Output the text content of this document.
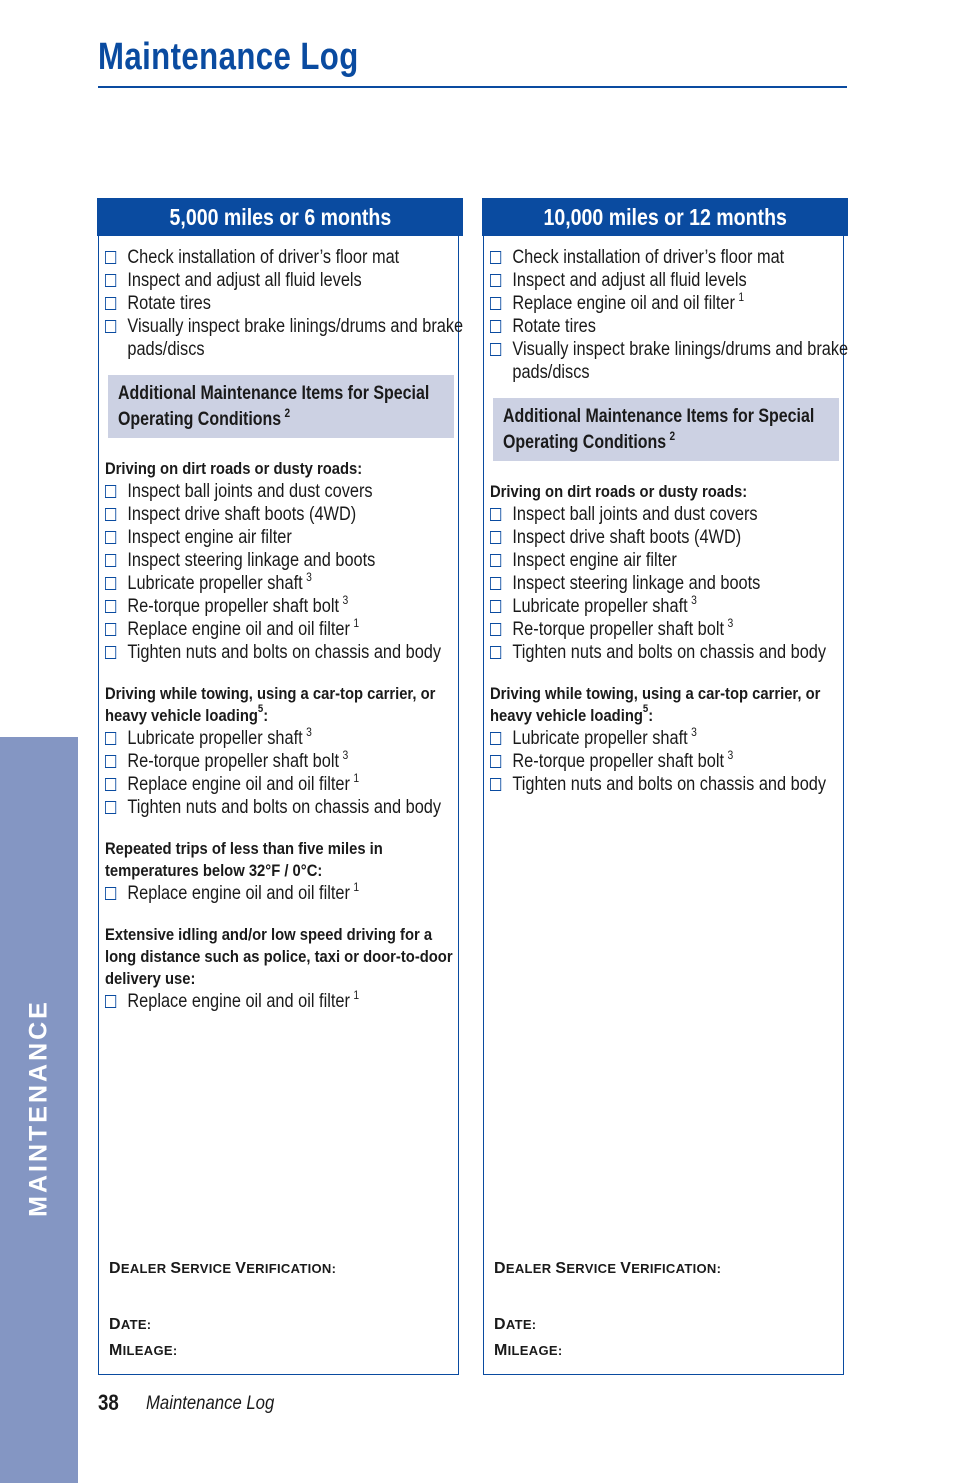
Maintenance Log
MAINTENANCE
5,000 miles or 6 months
Check installation of driver’s floor mat
Inspect and adjust all fluid levels
Rotate tires
Visually inspect brake linings/drums and brake pads/discs
Additional Maintenance Items for Special Operating Conditions $^2$
Driving on dirt roads or dusty roads:
Inspect ball joints and dust covers
Inspect drive shaft boots (4WD)
Inspect engine air filter
Inspect steering linkage and boots
Lubricate propeller shaft $^3$
Re-torque propeller shaft bolt $^3$
Replace engine oil and oil filter $^1$
Tighten nuts and bolts on chassis and body
Driving while towing, using a car-top carrier, or heavy vehicle loading$^5$:
Lubricate propeller shaft $^3$
Re-torque propeller shaft bolt $^3$
Replace engine oil and oil filter $^1$
Tighten nuts and bolts on chassis and body
Repeated trips of less than five miles in temperatures below 32°F / 0°C:
Replace engine oil and oil filter $^1$
Extensive idling and/or low speed driving for a long distance such as police, taxi or door-to-door delivery use:
Replace engine oil and oil filter $^1$
DEALER SERVICE VERIFICATION:
DATE:
MILEAGE:
10,000 miles or 12 months
Check installation of driver’s floor mat
Inspect and adjust all fluid levels
Replace engine oil and oil filter $^1$
Rotate tires
Visually inspect brake linings/drums and brake pads/discs
Additional Maintenance Items for Special Operating Conditions $^2$
Driving on dirt roads or dusty roads:
Inspect ball joints and dust covers
Inspect drive shaft boots (4WD)
Inspect engine air filter
Inspect steering linkage and boots
Lubricate propeller shaft $^3$
Re-torque propeller shaft bolt $^3$
Tighten nuts and bolts on chassis and body
Driving while towing, using a car-top carrier, or heavy vehicle loading$^5$:
Lubricate propeller shaft $^3$
Re-torque propeller shaft bolt $^3$
Tighten nuts and bolts on chassis and body
DEALER SERVICE VERIFICATION:
DATE:
MILEAGE:
38 Maintenance Log
